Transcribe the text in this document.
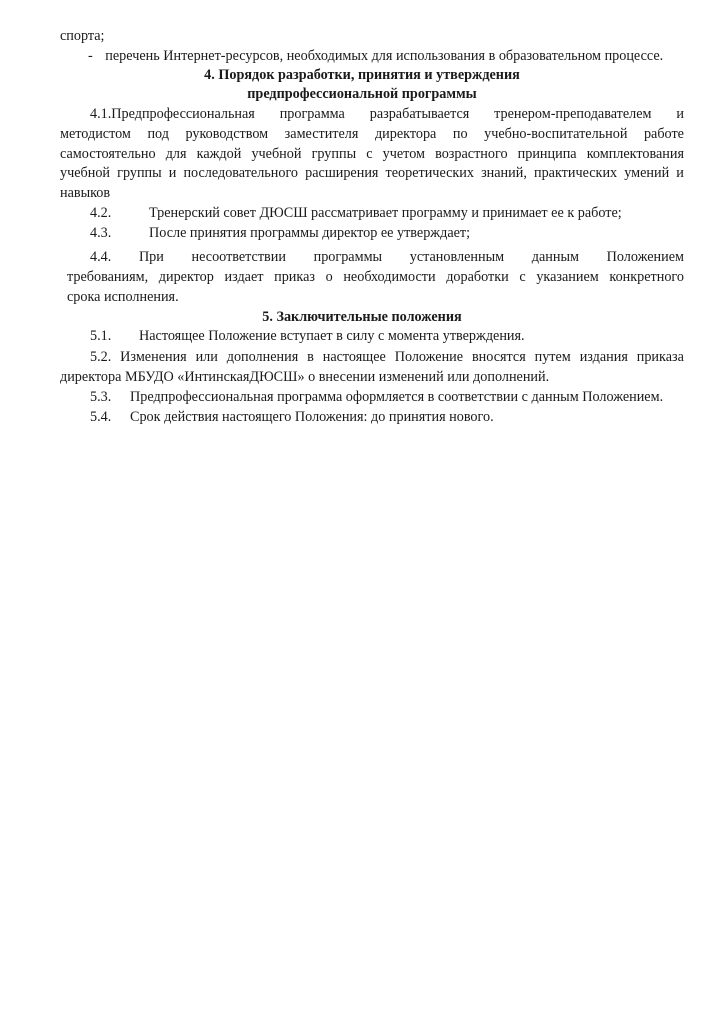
спорта;
- перечень Интернет-ресурсов, необходимых для использования в образовательном процессе.
4. Порядок разработки, принятия и утверждения
предпрофессиональной программы
4.1.Предпрофессиональная программа разрабатывается тренером-преподавателем и
методистом под руководством заместителя директора по учебно-воспитательной работе
самостоятельно для каждой учебной группы с учетом возрастного принципа комплектования
учебной группы и последовательного расширения теоретических знаний, практических умений и
навыков
4.2.	Тренерский совет ДЮСШ рассматривает программу и принимает ее к работе;
4.3.	После принятия программы директор ее утверждает;
4.4. При несоответствии программы установленным данным Положением
требованиям, директор издает приказ о необходимости доработки с указанием конкретного
срока исполнения.
5. Заключительные положения
5.1. Настоящее Положение вступает в силу с момента утверждения.
5.2. Изменения или дополнения в настоящее Положение вносятся путем издания приказа
директора МБУДО «ИнтинскаяДЮСШ» о внесении изменений или дополнений.
5.3. Предпрофессиональная программа оформляется в соответствии с данным Положением.
5.4. Срок действия настоящего Положения: до принятия нового.
